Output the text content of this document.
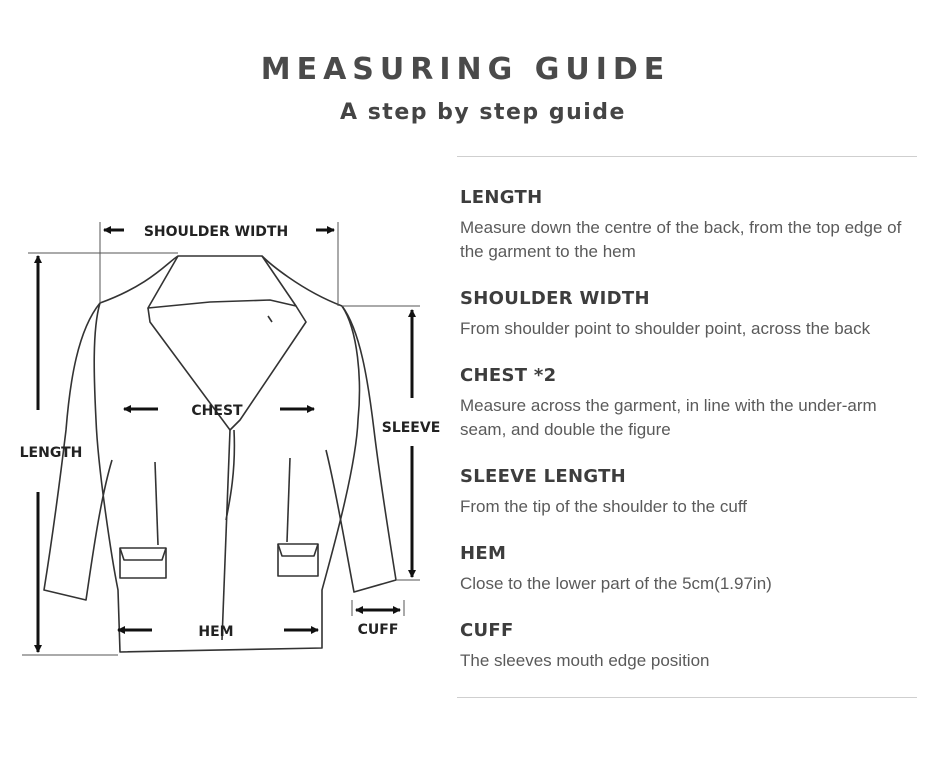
MEASURING GUIDE
A step by step guide
SHOULDER WIDTH
LENGTH
CHEST
SLEEVE
HEM	CUFF
LENGTH

Measure down the centre of the back, from the top edge of the garment to the hem

SHOULDER WIDTH

From shoulder point to shoulder point, across the back

CHEST *2

Measure across the garment, in line with the under-arm seam, and double the figure

SLEEVE LENGTH

From the tip of the shoulder to the cuff

HEM

Close to the lower part of the 5cm(1.97in)

CUFF

The sleeves mouth edge position
